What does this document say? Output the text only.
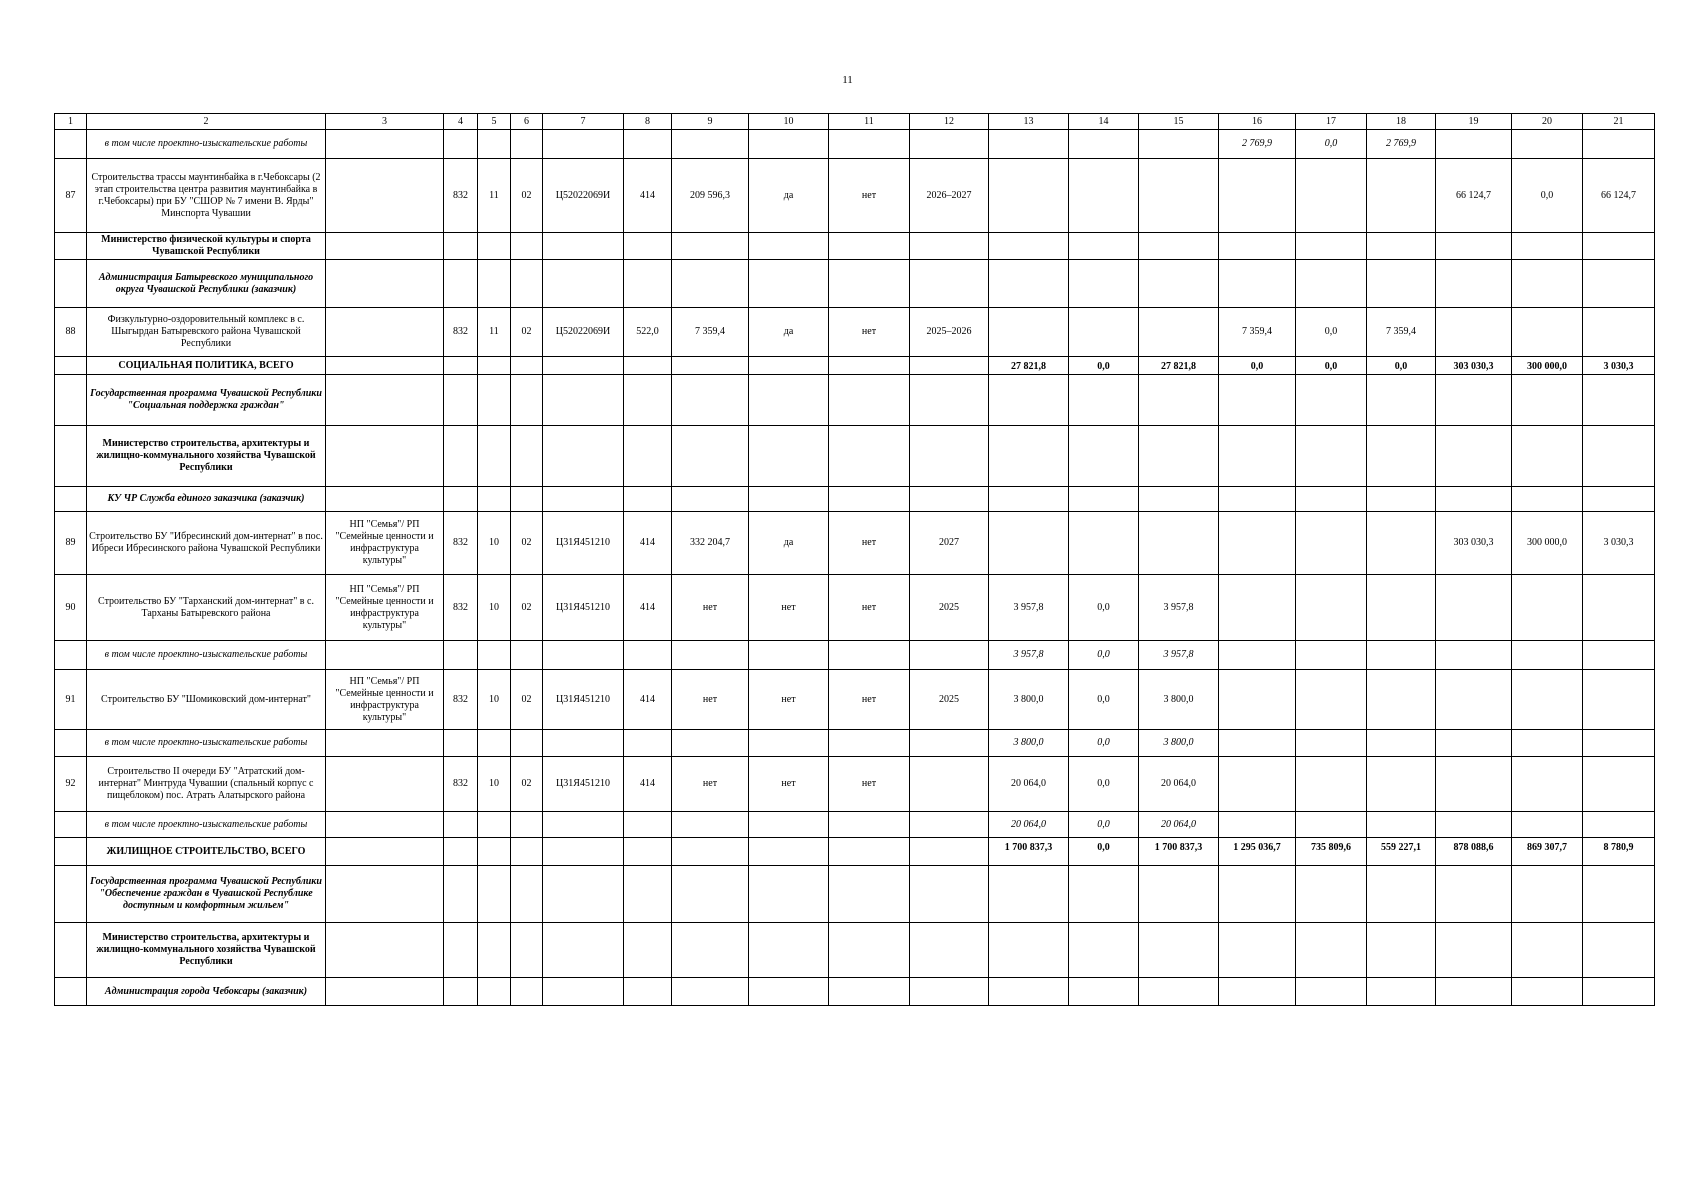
11
1	2	3	4	5	6	7	8	9	10	11	12	13	14	15	16	17	18	19	20	21
	в том числе проектно-изыскательские работы														2 769,9	0,0	2 769,9			
87	Строительства трассы маунтинбайка в г.Чебоксары (2 этап строительства центра развития маунтинбайка в г.Чебоксары) при БУ "СШОР № 7 имени В. Ярды" Минспорта Чувашии		832	11	02	Ц52022069И	414	209 596,3	да	нет	2026–2027							66 124,7	0,0	66 124,7
	Министерство физической культуры и спорта Чувашской Республики																			
	Администрация Батыревского муниципального округа Чувашской Республики (заказчик)																			
88	Физкультурно-оздоровительный комплекс в с. Шыгырдан Батыревского района Чувашской Республики		832	11	02	Ц52022069И	522,0	7 359,4	да	нет	2025–2026				7 359,4	0,0	7 359,4			
	СОЦИАЛЬНАЯ ПОЛИТИКА, ВСЕГО											27 821,8	0,0	27 821,8	0,0	0,0	0,0	303 030,3	300 000,0	3 030,3
	Государственная программа Чувашской Республики "Социальная поддержка граждан"																			
	Министерство строительства, архитектуры и жилищно-коммунального хозяйства Чувашской Республики																			
	КУ ЧР Служба единого заказчика (заказчик)																			
89	Строительство БУ "Ибресинский дом-интернат" в пос. Ибреси Ибресинского района Чувашской Республики	НП "Семья"/ РП "Семейные ценности и инфраструктура культуры"	832	10	02	Ц31Я451210	414	332 204,7	да	нет	2027							303 030,3	300 000,0	3 030,3
90	Строительство БУ "Тарханский дом-интернат" в с. Тарханы Батыревского района	НП "Семья"/ РП "Семейные ценности и инфраструктура культуры"	832	10	02	Ц31Я451210	414	нет	нет	нет	2025	3 957,8	0,0	3 957,8						
	в том числе проектно-изыскательские работы											3 957,8	0,0	3 957,8						
91	Строительство БУ "Шомиковский дом-интернат"	НП "Семья"/ РП "Семейные ценности и инфраструктура культуры"	832	10	02	Ц31Я451210	414	нет	нет	нет	2025	3 800,0	0,0	3 800,0						
	в том числе проектно-изыскательские работы											3 800,0	0,0	3 800,0						
92	Строительство II очереди БУ "Атратский дом-интернат" Минтруда Чувашии (спальный корпус с пищеблоком) пос. Атрать Алатырского района		832	10	02	Ц31Я451210	414	нет	нет	нет		20 064,0	0,0	20 064,0						
	в том числе проектно-изыскательские работы											20 064,0	0,0	20 064,0						
	ЖИЛИЩНОЕ СТРОИТЕЛЬСТВО, ВСЕГО											1 700 837,3	0,0	1 700 837,3	1 295 036,7	735 809,6	559 227,1	878 088,6	869 307,7	8 780,9
	Государственная программа Чувашской Республики "Обеспечение граждан в Чувашской Республике доступным и комфортным жильем"																			
	Министерство строительства, архитектуры и жилищно-коммунального хозяйства Чувашской Республики																			
	Администрация города Чебоксары (заказчик)																			
